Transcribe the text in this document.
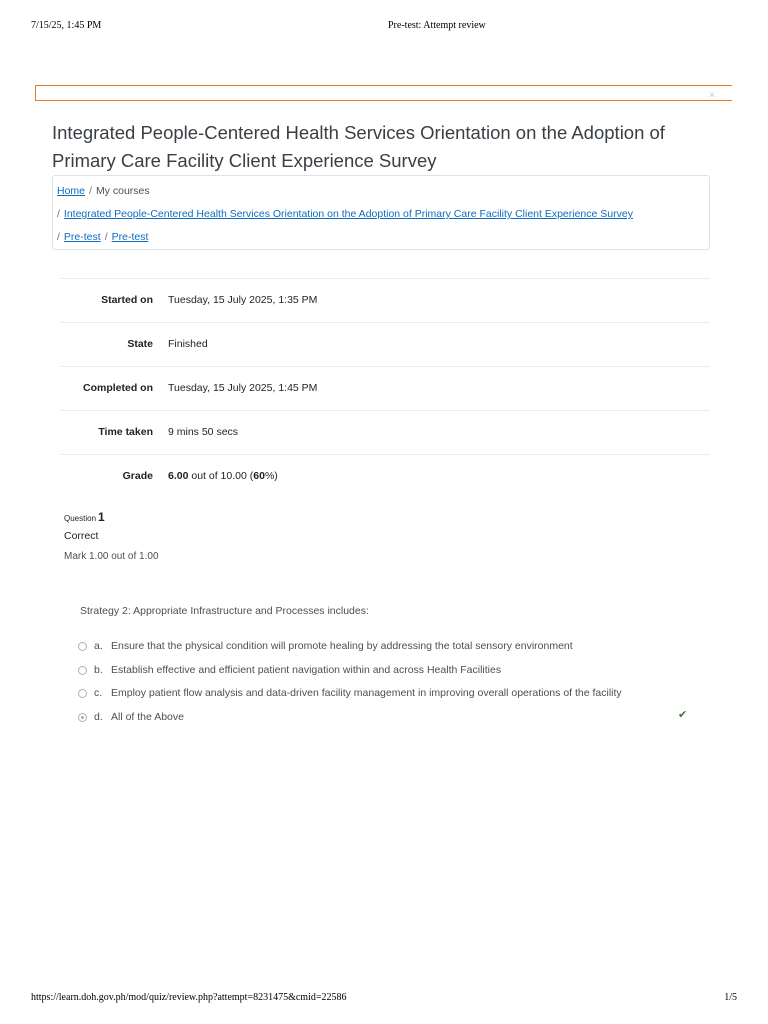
7/15/25, 1:45 PM	Pre-test: Attempt review
×
Integrated People-Centered Health Services Orientation on the Adoption of Primary Care Facility Client Experience Survey
Home / My courses
/ Integrated People-Centered Health Services Orientation on the Adoption of Primary Care Facility Client Experience Survey
/ Pre-test / Pre-test
Started on Tuesday, 15 July 2025, 1:35 PM
State Finished
Completed on Tuesday, 15 July 2025, 1:45 PM
Time taken 9 mins 50 secs
Grade 6.00 out of 10.00 (60%)
Question 1
Correct
Mark 1.00 out of 1.00
Strategy 2: Appropriate Infrastructure and Processes includes:
a. Ensure that the physical condition will promote healing by addressing the total sensory environment
b. Establish effective and efficient patient navigation within and across Health Facilities
c. Employ patient flow analysis and data-driven facility management in improving overall operations of the facility
d. All of the Above	✔
https://learn.doh.gov.ph/mod/quiz/review.php?attempt=8231475&cmid=22586	1/5
